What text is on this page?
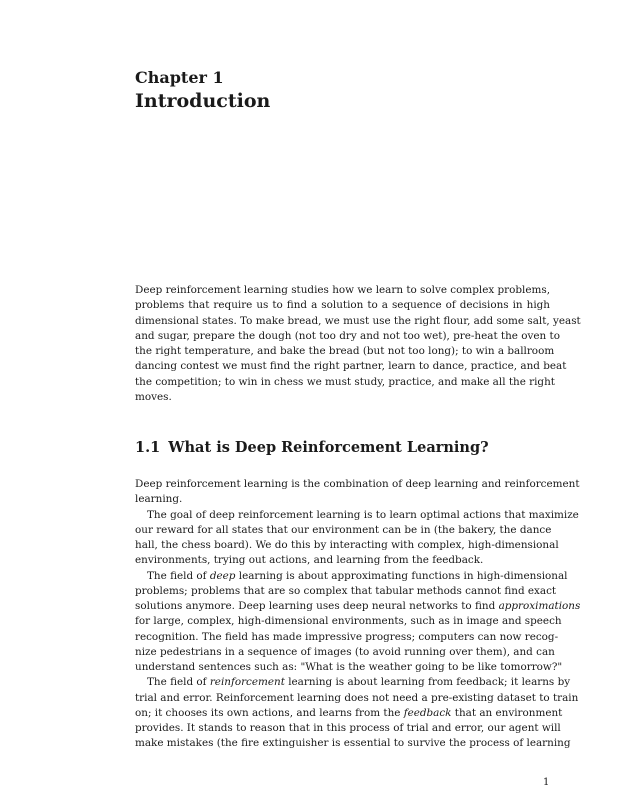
Chapter 1
Introduction
Deep reinforcement learning studies how we learn to solve complex problems,
problems that require us to find a solution to a sequence of decisions in high
dimensional states. To make bread, we must use the right flour, add some salt, yeast
and sugar, prepare the dough (not too dry and not too wet), pre-heat the oven to
the right temperature, and bake the bread (but not too long); to win a ballroom
dancing contest we must find the right partner, learn to dance, practice, and beat
the competition; to win in chess we must study, practice, and make all the right
moves.
1.1 What is Deep Reinforcement Learning?
Deep reinforcement learning is the combination of deep learning and reinforcement
learning.
The goal of deep reinforcement learning is to learn optimal actions that maximize
our reward for all states that our environment can be in (the bakery, the dance
hall, the chess board). We do this by interacting with complex, high-dimensional
environments, trying out actions, and learning from the feedback.
The field of deep learning is about approximating functions in high-dimensional
problems; problems that are so complex that tabular methods cannot find exact
solutions anymore. Deep learning uses deep neural networks to find approximations
for large, complex, high-dimensional environments, such as in image and speech
recognition. The field has made impressive progress; computers can now recog-
nize pedestrians in a sequence of images (to avoid running over them), and can
understand sentences such as: "What is the weather going to be like tomorrow?"
The field of reinforcement learning is about learning from feedback; it learns by
trial and error. Reinforcement learning does not need a pre-existing dataset to train
on; it chooses its own actions, and learns from the feedback that an environment
provides. It stands to reason that in this process of trial and error, our agent will
make mistakes (the fire extinguisher is essential to survive the process of learning
1
